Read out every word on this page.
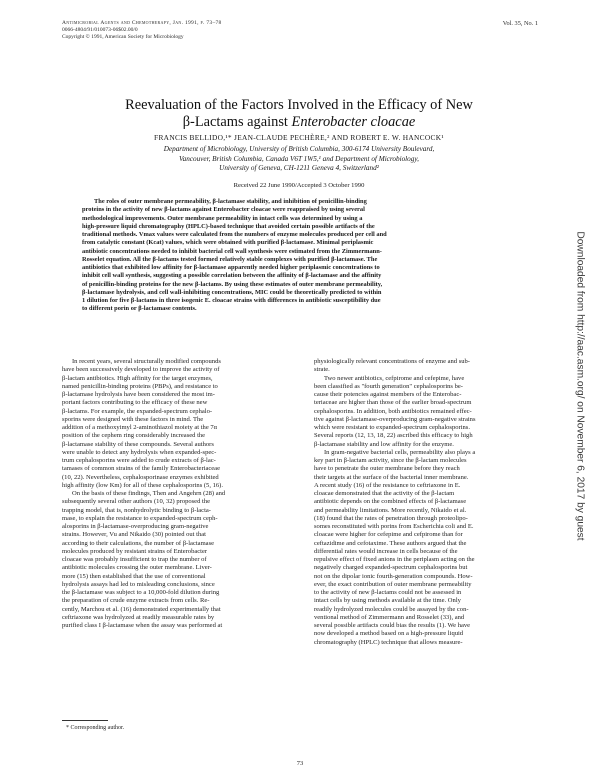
Antimicrobial Agents and Chemotherapy, Jan. 1991, p. 73–78
0066-4804/91/010073-06$02.00/0
Copyright © 1991, American Society for Microbiology
Vol. 35, No. 1
Reevaluation of the Factors Involved in the Efficacy of New
β-Lactams against Enterobacter cloacae
FRANCIS BELLIDO,¹* JEAN-CLAUDE PECHÈRE,² AND ROBERT E. W. HANCOCK¹
Department of Microbiology, University of British Columbia, 300-6174 University Boulevard,
Vancouver, British Columbia, Canada V6T 1W5,¹ and Department of Microbiology,
University of Geneva, CH-1211 Geneva 4, Switzerland²
Received 22 June 1990/Accepted 3 October 1990
The roles of outer membrane permeability, β-lactamase stability, and inhibition of penicillin-binding
proteins in the activity of new β-lactams against Enterobacter cloacae were reappraised by using several
methodological improvements. Outer membrane permeability in intact cells was determined by using a
high-pressure liquid chromatography (HPLC)-based technique that avoided certain possible artifacts of the
traditional methods. Vmax values were calculated from the numbers of enzyme molecules produced per cell and
from catalytic constant (Kcat) values, which were obtained with purified β-lactamase. Minimal periplasmic
antibiotic concentrations needed to inhibit bacterial cell wall synthesis were estimated from the Zimmermann-
Rosselet equation. All the β-lactams tested formed relatively stable complexes with purified β-lactamase. The
antibiotics that exhibited low affinity for β-lactamase apparently needed higher periplasmic concentrations to
inhibit cell wall synthesis, suggesting a possible correlation between the affinity of β-lactamase and the affinity
of penicillin-binding proteins for the new β-lactams. By using these estimates of outer membrane permeability,
β-lactamase hydrolysis, and cell wall-inhibiting concentrations, MIC could be theoretically predicted to within
1 dilution for five β-lactams in three isogenic E. cloacae strains with differences in antibiotic susceptibility due
to different porin or β-lactamase contents.
In recent years, several structurally modified compounds
have been successively developed to improve the activity of
β-lactam antibiotics. High affinity for the target enzymes,
named penicillin-binding proteins (PBPs), and resistance to
β-lactamase hydrolysis have been considered the most im-
portant factors contributing to the efficacy of these new
β-lactams. For example, the expanded-spectrum cephalo-
sporins were designed with these factors in mind. The
addition of a methoxyimyl 2-aminothiazol moiety at the 7α
position of the cephem ring considerably increased the
β-lactamase stability of these compounds. Several authors
were unable to detect any hydrolysis when expanded-spec-
trum cephalosporins were added to crude extracts of β-lac-
tamases of common strains of the family Enterobacteriaceae
(10, 22). Nevertheless, cephalosporinase enzymes exhibited
high affinity (low Km) for all of these cephalosporins (5, 16).
On the basis of these findings, Then and Angehrn (28) and
subsequently several other authors (10, 32) proposed the
trapping model, that is, nonhydrolytic binding to β-lacta-
mase, to explain the resistance to expanded-spectrum ceph-
alosporins in β-lactamase-overproducing gram-negative
strains. However, Vu and Nikaido (30) pointed out that
according to their calculations, the number of β-lactamase
molecules produced by resistant strains of Enterobacter
cloacae was probably insufficient to trap the number of
antibiotic molecules crossing the outer membrane. Liver-
more (15) then established that the use of conventional
hydrolysis assays had led to misleading conclusions, since
the β-lactamase was subject to a 10,000-fold dilution during
the preparation of crude enzyme extracts from cells. Re-
cently, Marchou et al. (16) demonstrated experimentally that
ceftriaxone was hydrolyzed at readily measurable rates by
purified class I β-lactamase when the assay was performed at
physiologically relevant concentrations of enzyme and sub-
strate.
Two newer antibiotics, cefpirome and cefepime, have
been classified as "fourth generation" cephalosporins be-
cause their potencies against members of the Enterobac-
teriaceae are higher than those of the earlier broad-spectrum
cephalosporins. In addition, both antibiotics remained effec-
tive against β-lactamase-overproducing gram-negative strains
which were resistant to expanded-spectrum cephalosporins.
Several reports (12, 13, 18, 22) ascribed this efficacy to high
β-lactamase stability and low affinity for the enzyme.
In gram-negative bacterial cells, permeability also plays a
key part in β-lactam activity, since the β-lactam molecules
have to penetrate the outer membrane before they reach
their targets at the surface of the bacterial inner membrane.
A recent study (16) of the resistance to ceftriaxone in E.
cloacae demonstrated that the activity of the β-lactam
antibiotic depends on the combined effects of β-lactamase
and permeability limitations. More recently, Nikaido et al.
(18) found that the rates of penetration through proteolipo-
somes reconstituted with porins from Escherichia coli and E.
cloacae were higher for cefepime and cefpirome than for
ceftazidime and cefotaxime. These authors argued that the
differential rates would increase in cells because of the
repulsive effect of fixed anions in the periplasm acting on the
negatively charged expanded-spectrum cephalosporins but
not on the dipolar ionic fourth-generation compounds. How-
ever, the exact contribution of outer membrane permeability
to the activity of new β-lactams could not be assessed in
intact cells by using methods available at the time. Only
readily hydrolyzed molecules could be assayed by the con-
ventional method of Zimmermann and Rosselet (33), and
several possible artifacts could bias the results (1). We have
now developed a method based on a high-pressure liquid
chromatography (HPLC) technique that allows measure-
* Corresponding author.
73
Downloaded from http://aac.asm.org/ on November 6, 2017 by guest
